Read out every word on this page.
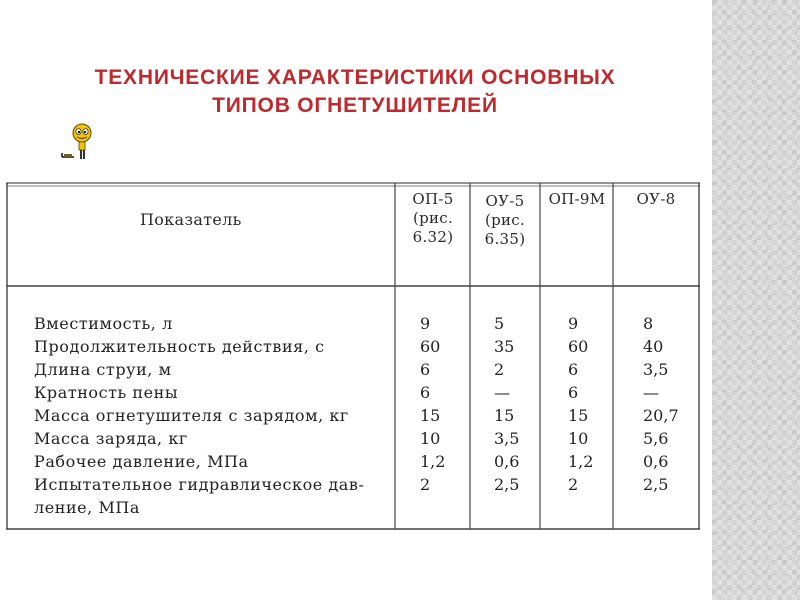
ТЕХНИЧЕСКИЕ ХАРАКТЕРИСТИКИ ОСНОВНЫХ
ТИПОВ ОГНЕТУШИТЕЛЕЙ
Показатель
ОП-5
(рис.
6.32)
ОУ-5
(рис.
6.35)
ОП-9М	ОУ-8
Вместимость, л
Продолжительность действия, с
Длина струи, м
Кратность пены
Масса огнетушителя с зарядом, кг
Масса заряда, кг
Рабочее давление, МПа
Испытательное гидравлическое дав-
ление, МПа
9
60
6
6
15
10
1,2
2
5
35
2
—
15
3,5
0,6
2,5
9
60
6
6
15
10
1,2
2
8
40
3,5
—
20,7
5,6
0,6
2,5
